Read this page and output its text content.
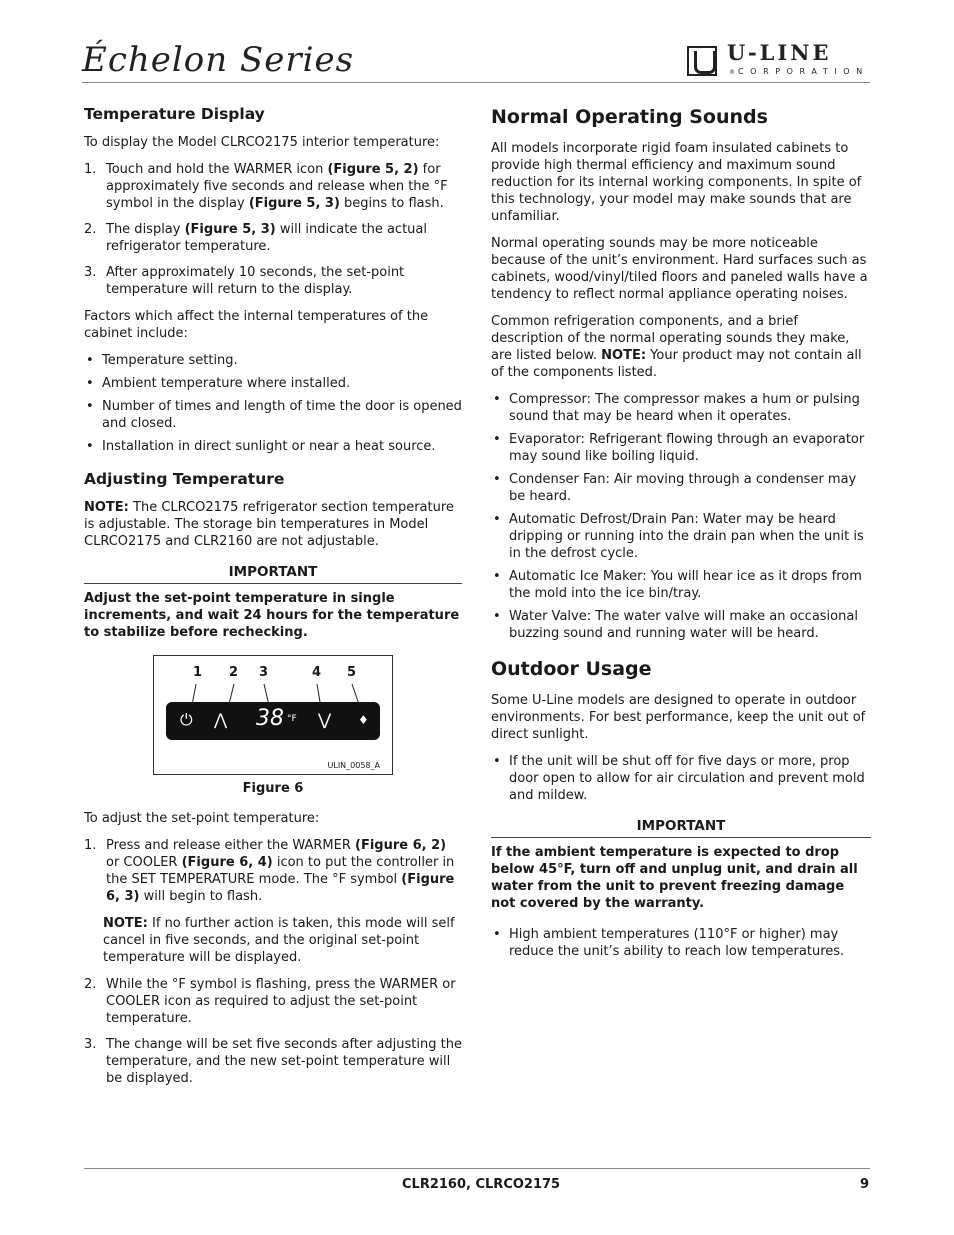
Échelon Series	U-LINE
® CORPORATION
Temperature Display

To display the Model CLRCO2175 interior temperature:

1. Touch and hold the WARMER icon (Figure 5, 2) for approximately five seconds and release when the °F symbol in the display (Figure 5, 3) begins to flash.
2. The display (Figure 5, 3) will indicate the actual refrigerator temperature.
3. After approximately 10 seconds, the set-point temperature will return to the display.

Factors which affect the internal temperatures of the cabinet include:

• Temperature setting.
• Ambient temperature where installed.
• Number of times and length of time the door is opened and closed.
• Installation in direct sunlight or near a heat source.
Adjusting Temperature

NOTE: The CLRCO2175 refrigerator section temperature is adjustable. The storage bin temperatures in Model CLRCO2175 and CLR2160 are not adjustable.

IMPORTANT

Adjust the set-point temperature in single increments, and wait 24 hours for the temperature to stabilize before rechecking.

1 2 3	4 5
⏻ ⋀ 38 °F ⋁ ♦
ULIN_0058_A
Figure 6

To adjust the set-point temperature:

1. Press and release either the WARMER (Figure 6, 2) or COOLER (Figure 6, 4) icon to put the controller in the SET TEMPERATURE mode. The °F symbol (Figure 6, 3) will begin to flash.

NOTE: If no further action is taken, this mode will self cancel in five seconds, and the original set-point temperature will be displayed.

2. While the °F symbol is flashing, press the WARMER or COOLER icon as required to adjust the set-point temperature.
3. The change will be set five seconds after adjusting the temperature, and the new set-point temperature will be displayed.
Normal Operating Sounds

All models incorporate rigid foam insulated cabinets to provide high thermal efficiency and maximum sound reduction for its internal working components. In spite of this technology, your model may make sounds that are unfamiliar.

Normal operating sounds may be more noticeable because of the unit’s environment. Hard surfaces such as cabinets, wood/vinyl/tiled floors and paneled walls have a tendency to reflect normal appliance operating noises.

Common refrigeration components, and a brief description of the normal operating sounds they make, are listed below. NOTE: Your product may not contain all of the components listed.

• Compressor: The compressor makes a hum or pulsing sound that may be heard when it operates.
• Evaporator: Refrigerant flowing through an evaporator may sound like boiling liquid.
• Condenser Fan: Air moving through a condenser may be heard.
• Automatic Defrost/Drain Pan: Water may be heard dripping or running into the drain pan when the unit is in the defrost cycle.
• Automatic Ice Maker: You will hear ice as it drops from the mold into the ice bin/tray.
• Water Valve: The water valve will make an occasional buzzing sound and running water will be heard.
Outdoor Usage

Some U-Line models are designed to operate in outdoor environments. For best performance, keep the unit out of direct sunlight.

• If the unit will be shut off for five days or more, prop door open to allow for air circulation and prevent mold and mildew.
IMPORTANT

If the ambient temperature is expected to drop below 45°F, turn off and unplug unit, and drain all water from the unit to prevent freezing damage not covered by the warranty.

• High ambient temperatures (110°F or higher) may reduce the unit’s ability to reach low temperatures.
CLR2160, CLRCO2175	9
